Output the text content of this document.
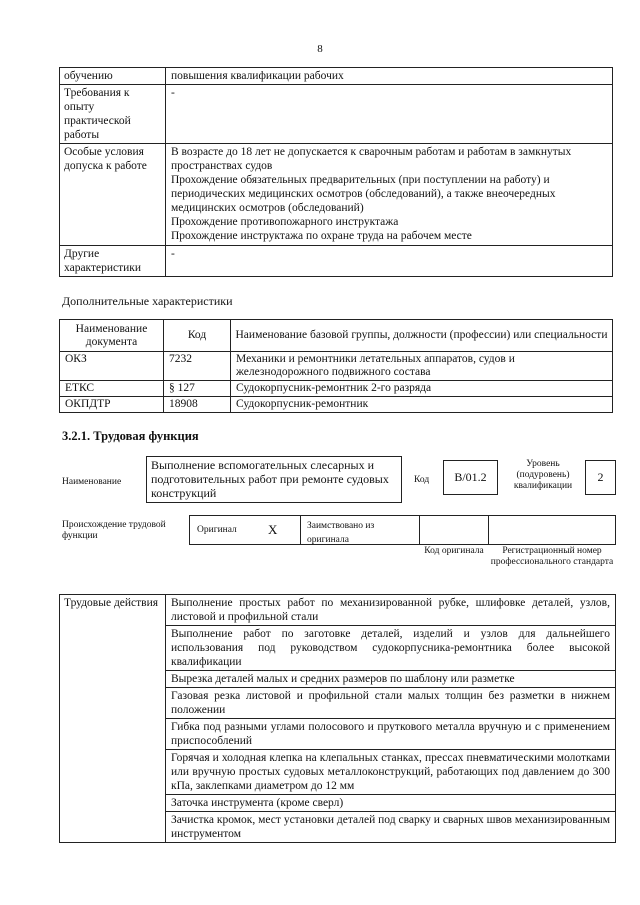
8
обучению	повышения квалификации рабочих
Требования к опыту практической работы	-
Особые условия допуска к работе	В возрасте до 18 лет не допускается к сварочным работам и работам в замкнутых пространствах судов
Прохождение обязательных предварительных (при поступлении на работу) и периодических медицинских осмотров (обследований), а также внеочередных медицинских осмотров (обследований)
Прохождение противопожарного инструктажа
Прохождение инструктажа по охране труда на рабочем месте

Другие характеристики	-
Дополнительные характеристики
Наименование документа	Код	Наименование базовой группы, должности (профессии) или специальности
ОКЗ	7232	Механики и ремонтники летательных аппаратов, судов и железнодорожного подвижного состава
ЕТКС	§ 127	Судокорпусник-ремонтник 2-го разряда
ОКПДТР	18908	Судокорпусник-ремонтник
3.2.1. Трудовая функция
Наименование
Выполнение вспомогательных слесарных и подготовительных работ при ремонте судовых конструкций
Код	B/01.2
Уровень (подуровень) квалификации
2
Происхождение трудовой функции
Оригинал X	Заимствовано из оригинала
Код оригинала	Регистрационный номер профессионального стандарта
Трудовые действия	Выполнение простых работ по механизированной рубке, шлифовке деталей, узлов, листовой и профильной стали
Выполнение работ по заготовке деталей, изделий и узлов для дальнейшего использования под руководством судокорпусника-ремонтника более высокой квалификации
Вырезка деталей малых и средних размеров по шаблону или разметке
Газовая резка листовой и профильной стали малых толщин без разметки в нижнем положении
Гибка под разными углами полосового и пруткового металла вручную и с применением приспособлений
Горячая и холодная клепка на клепальных станках, прессах пневматическими молотками или вручную простых судовых металлоконструкций, работающих под давлением до 300 кПа, заклепками диаметром до 12 мм
Заточка инструмента (кроме сверл)
Зачистка кромок, мест установки деталей под сварку и сварных швов механизированным инструментом
